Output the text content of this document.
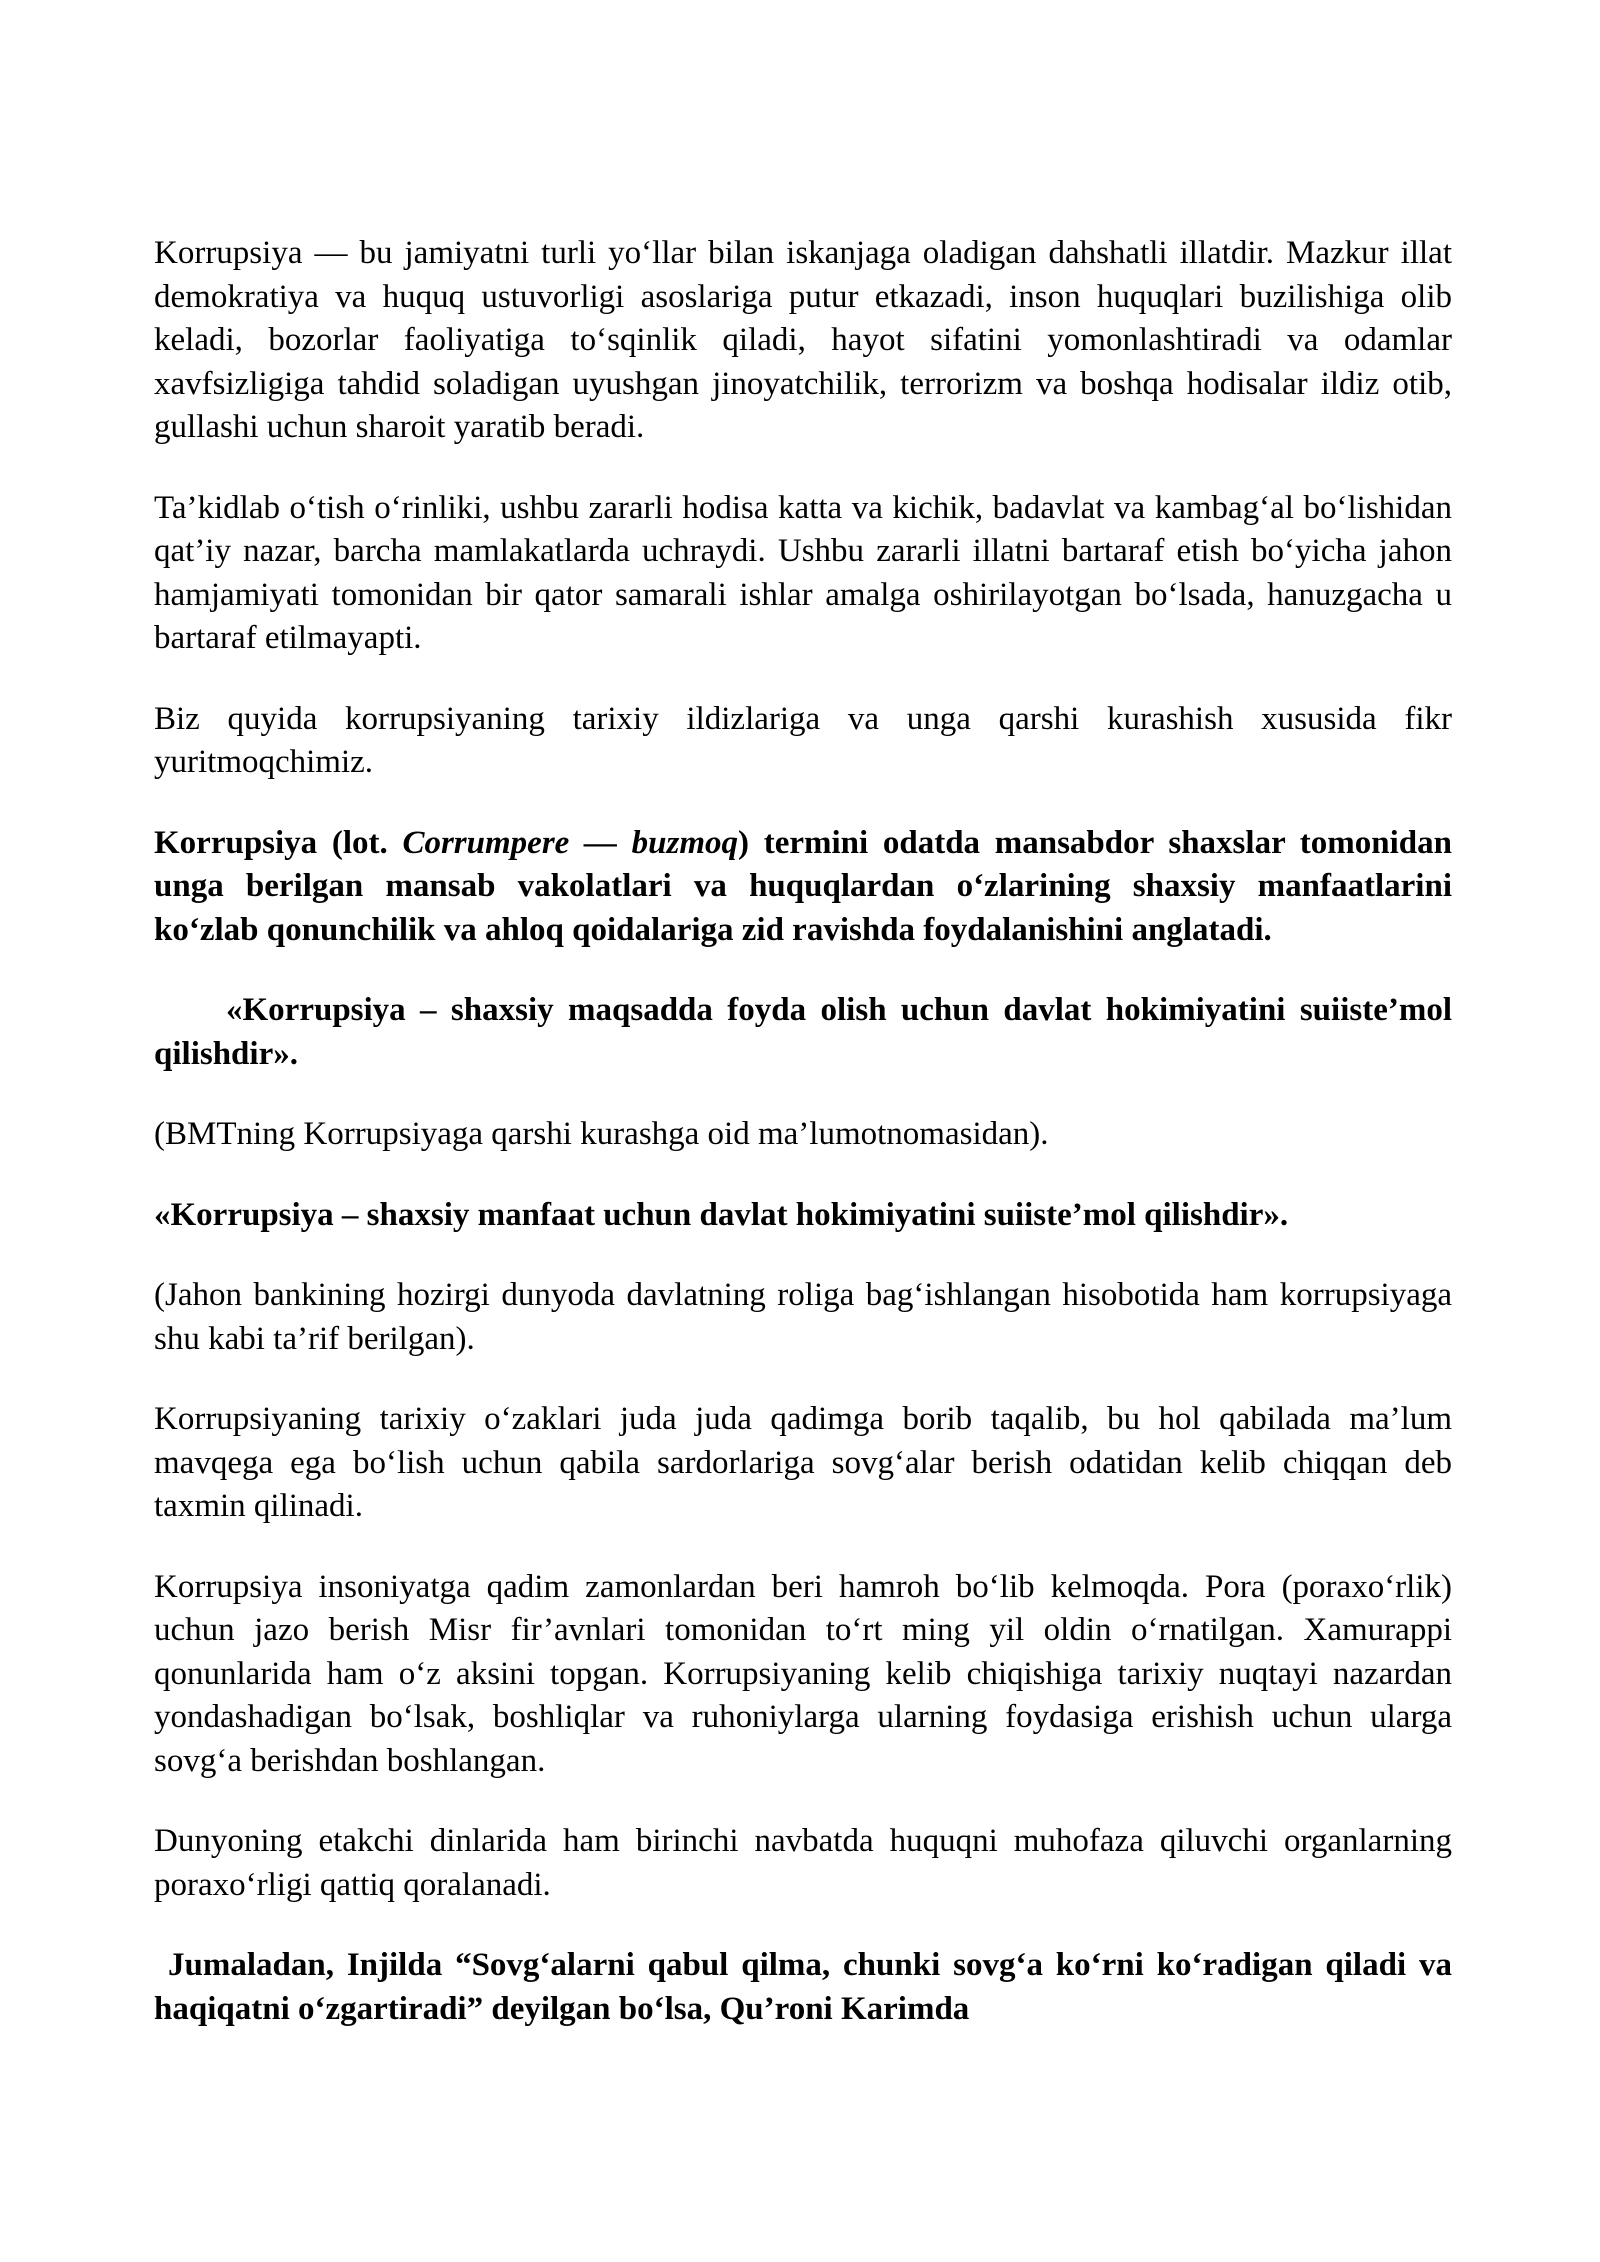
Korrupsiya — bu jamiyatni turli yo‘llar bilan iskanjaga oladigan dahshatli illatdir. Mazkur illat demokratiya va huquq ustuvorligi asoslariga putur etkazadi, inson huquqlari buzilishiga olib keladi, bozorlar faoliyatiga to‘sqinlik qiladi, hayot sifatini yomonlashtiradi va odamlar xavfsizligiga tahdid soladigan uyushgan jinoyatchilik, terrorizm va boshqa hodisalar ildiz otib, gullashi uchun sharoit yaratib beradi.

Ta’kidlab o‘tish o‘rinliki, ushbu zararli hodisa katta va kichik, badavlat va kambag‘al bo‘lishidan qat’iy nazar, barcha mamlakatlarda uchraydi. Ushbu zararli illatni bartaraf etish bo‘yicha jahon hamjamiyati tomonidan bir qator samarali ishlar amalga oshirilayotgan bo‘lsada, hanuzgacha u bartaraf etilmayapti.

Biz quyida korrupsiyaning tarixiy ildizlariga va unga qarshi kurashish xususida fikr yuritmoqchimiz.

Korrupsiya (lot. Corrumpere — buzmoq) termini odatda mansabdor shaxslar tomonidan unga berilgan mansab vakolatlari va huquqlardan o‘zlarining shaxsiy manfaatlarini ko‘zlab qonunchilik va ahloq qoidalariga zid ravishda foydalanishini anglatadi.

«Korrupsiya – shaxsiy maqsadda foyda olish uchun davlat hokimiyatini suiiste’mol qilishdir».

(BMTning Korrupsiyaga qarshi kurashga oid ma’lumotnomasidan).

«Korrupsiya – shaxsiy manfaat uchun davlat hokimiyatini suiiste’mol qilishdir».

(Jahon bankining hozirgi dunyoda davlatning roliga bag‘ishlangan hisobotida ham korrupsiyaga shu kabi ta’rif berilgan).

Korrupsiyaning tarixiy o‘zaklari juda juda qadimga borib taqalib, bu hol qabilada ma’lum mavqega ega bo‘lish uchun qabila sardorlariga sovg‘alar berish odatidan kelib chiqqan deb taxmin qilinadi.

Korrupsiya insoniyatga qadim zamonlardan beri hamroh bo‘lib kelmoqda. Pora (poraxo‘rlik) uchun jazo berish Misr fir’avnlari tomonidan to‘rt ming yil oldin o‘rnatilgan. Xamurappi qonunlarida ham o‘z aksini topgan. Korrupsiyaning kelib chiqishiga tarixiy nuqtayi nazardan yondashadigan bo‘lsak, boshliqlar va ruhoniylarga ularning foydasiga erishish uchun ularga sovg‘a berishdan boshlangan.

Dunyoning etakchi dinlarida ham birinchi navbatda huquqni muhofaza qiluvchi organlarning poraxo‘rligi qattiq qoralanadi.

Jumaladan, Injilda “Sovg‘alarni qabul qilma, chunki sovg‘a ko‘rni ko‘radigan qiladi va haqiqatni o‘zgartiradi” deyilgan bo‘lsa, Qu’roni Karimda
